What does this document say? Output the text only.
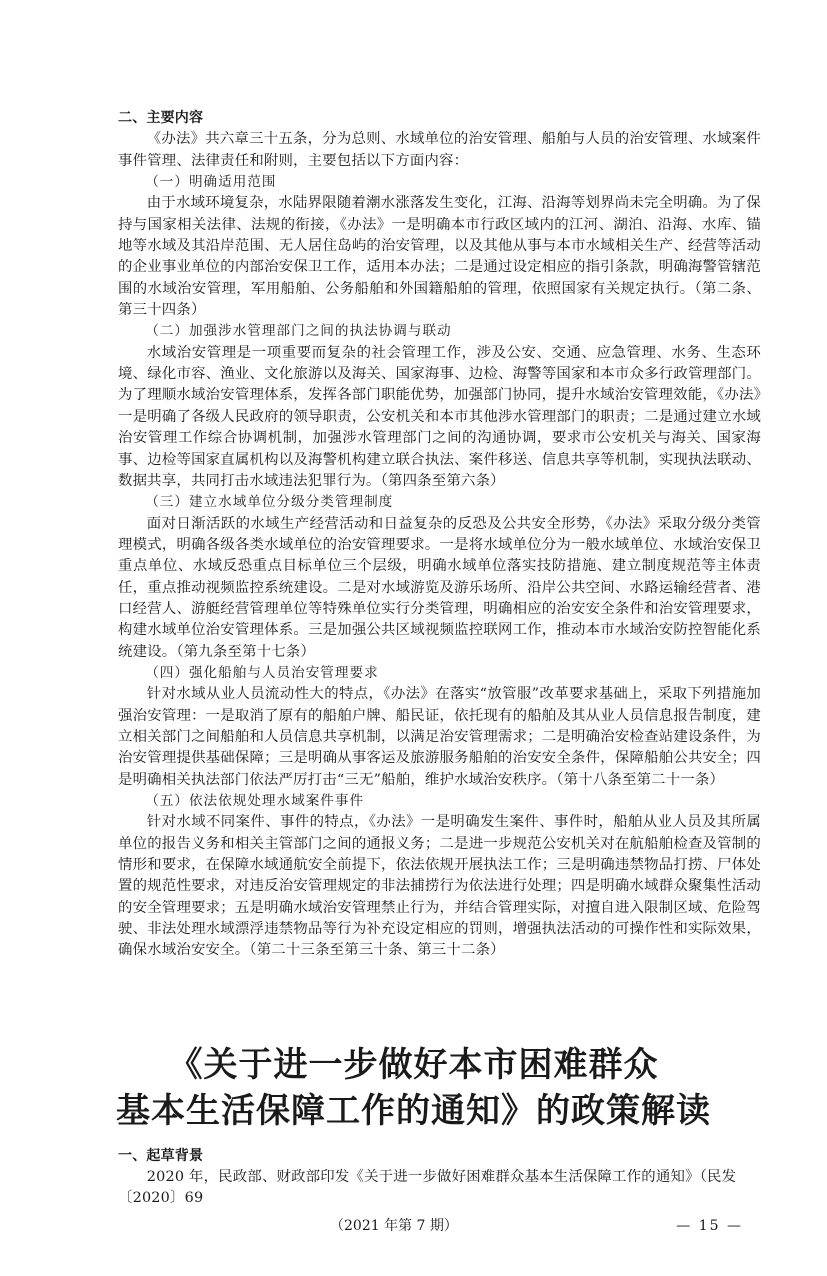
二、主要内容

《办法》共六章三十五条，分为总则、水域单位的治安管理、船舶与人员的治安管理、水域案件事件管理、法律责任和附则，主要包括以下方面内容：

（一）明确适用范围

由于水域环境复杂，水陆界限随着潮水涨落发生变化，江海、沿海等划界尚未完全明确。为了保持与国家相关法律、法规的衔接，《办法》一是明确本市行政区域内的江河、湖泊、沿海、水库、锚地等水域及其沿岸范围、无人居住岛屿的治安管理，以及其他从事与本市水域相关生产、经营等活动的企业事业单位的内部治安保卫工作，适用本办法；二是通过设定相应的指引条款，明确海警管辖范围的水域治安管理，军用船舶、公务船舶和外国籍船舶的管理，依照国家有关规定执行。（第二条、第三十四条）

（二）加强涉水管理部门之间的执法协调与联动

水域治安管理是一项重要而复杂的社会管理工作，涉及公安、交通、应急管理、水务、生态环境、绿化市容、渔业、文化旅游以及海关、国家海事、边检、海警等国家和本市众多行政管理部门。为了理顺水域治安管理体系，发挥各部门职能优势，加强部门协同，提升水域治安管理效能，《办法》一是明确了各级人民政府的领导职责，公安机关和本市其他涉水管理部门的职责；二是通过建立水域治安管理工作综合协调机制，加强涉水管理部门之间的沟通协调，要求市公安机关与海关、国家海事、边检等国家直属机构以及海警机构建立联合执法、案件移送、信息共享等机制，实现执法联动、数据共享，共同打击水域违法犯罪行为。（第四条至第六条）

（三）建立水域单位分级分类管理制度

面对日渐活跃的水域生产经营活动和日益复杂的反恐及公共安全形势，《办法》采取分级分类管理模式，明确各级各类水域单位的治安管理要求。一是将水域单位分为一般水域单位、水域治安保卫重点单位、水域反恐重点目标单位三个层级，明确水域单位落实技防措施、建立制度规范等主体责任，重点推动视频监控系统建设。二是对水域游览及游乐场所、沿岸公共空间、水路运输经营者、港口经营人、游艇经营管理单位等特殊单位实行分类管理，明确相应的治安安全条件和治安管理要求，构建水域单位治安管理体系。三是加强公共区域视频监控联网工作，推动本市水域治安防控智能化系统建设。（第九条至第十七条）

（四）强化船舶与人员治安管理要求

针对水域从业人员流动性大的特点，《办法》在落实“放管服”改革要求基础上，采取下列措施加强治安管理：一是取消了原有的船舶户牌、船民证，依托现有的船舶及其从业人员信息报告制度，建立相关部门之间船舶和人员信息共享机制，以满足治安管理需求；二是明确治安检查站建设条件，为治安管理提供基础保障；三是明确从事客运及旅游服务船舶的治安安全条件，保障船舶公共安全；四是明确相关执法部门依法严厉打击“三无”船舶，维护水域治安秩序。（第十八条至第二十一条）

（五）依法依规处理水域案件事件

针对水域不同案件、事件的特点，《办法》一是明确发生案件、事件时，船舶从业人员及其所属单位的报告义务和相关主管部门之间的通报义务；二是进一步规范公安机关对在航船舶检查及管制的情形和要求，在保障水域通航安全前提下，依法依规开展执法工作；三是明确违禁物品打捞、尸体处置的规范性要求，对违反治安管理规定的非法捕捞行为依法进行处理；四是明确水域群众聚集性活动的安全管理要求；五是明确水域治安管理禁止行为，并结合管理实际，对擅自进入限制区域、危险驾驶、非法处理水域漂浮违禁物品等行为补充设定相应的罚则，增强执法活动的可操作性和实际效果，确保水域治安安全。（第二十三条至第三十条、第三十二条）

《关于进一步做好本市困难群众
基本生活保障工作的通知》的政策解读

一、起草背景

2020 年，民政部、财政部印发《关于进一步做好困难群众基本生活保障工作的通知》（民发〔2020〕69

（2021 年第 7 期）	— 15 —
